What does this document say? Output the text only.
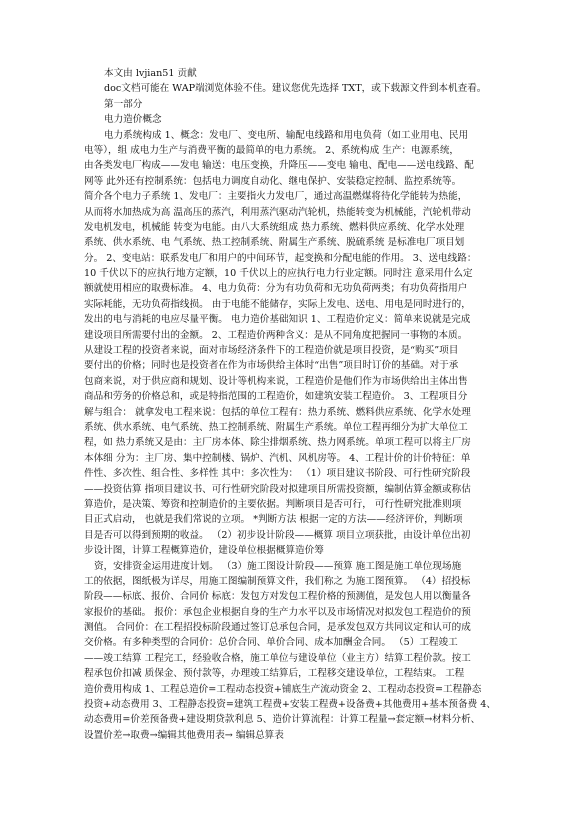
本文由 lvjian51 贡献
doc文档可能在 WAP端浏览体验不佳。建议您优先选择 TXT，或下载源文件到本机查看。
第一部分
电力造价概念
电力系统构成 1、概念：发电厂、变电所、输配电线路和用电负荷（如工业用电、民用
电等），组 成电力生产与消费平衡的最简单的电力系统。 2、系统构成 生产：电源系统，
由各类发电厂构成——发电 输送：电压变换，升降压——变电 输电、配电——送电线路、配
网等 此外还有控制系统：包括电力调度自动化、继电保护、安装稳定控制、监控系统等。
简介各个电力子系统 1、发电厂：主要指火力发电厂，通过高温燃煤将待化学能转为热能，
从而将水加热成为高 温高压的蒸汽，利用蒸汽驱动汽轮机，热能转变为机械能，汽轮机带动
发电机发电，机械能 转变为电能。由八大系统组成 热力系统、燃料供应系统、化学水处理
系统、供水系统、电 气系统、热工控制系统、附属生产系统、脱硫系统 是标准电厂项目划
分。 2、变电站：联系发电厂和用户的中间环节，起变换和分配电能的作用。 3、送电线路：
10 千伏以下的应执行地方定额，10 千伏以上的应执行电力行业定额。同时注 意采用什么定
额就使用相应的取费标准。 4、电力负荷：分为有功负荷和无功负荷两类；有功负荷指用户
实际耗能，无功负荷指线损。 由于电能不能储存，实际上发电、送电、用电是同时进行的，
发出的电与消耗的电应尽量平衡。 电力造价基础知识 1、工程造价定义：简单来说就是完成
建设项目所需要付出的金额。 2、工程造价两种含义：是从不同角度把握同一事物的本质。
从建设工程的投资者来说，面对市场经济条件下的工程造价就是项目投资，是“购买”项目
要付出的价格；同时也是投资者在作为市场供给主体时“出售”项目时订价的基础。对于承
包商来说，对于供应商和规划、设计等机构来说，工程造价是他们作为市场供给出主体出售
商品和劳务的价格总和，或是特指范围的工程造价，如建筑安装工程造价。 3、工程项目分
解与组合： 就拿发电工程来说：包括的单位工程有：热力系统、燃料供应系统、化学水处理
系统、供水系统、电气系统、热工控制系统、附属生产系统。单位工程再细分为扩大单位工
程，如 热力系统又是由：主厂房本体、除尘排烟系统、热力网系统。单项工程可以将主厂房
本体细 分为：主厂房、集中控制楼、锅炉、汽机、风机房等。 4、工程计价的计价特征：单
件性、多次性、组合性、多样性 其中：多次性为： （1）项目建议书阶段、可行性研究阶段
——投资估算 指项目建议书、可行性研究阶段对拟建项目所需投资额，编制估算金额或称估
算造价，是决策、筹资和控制造价的主要依据。判断项目是否可行， 可行性研究批准则项
目正式启动， 也就是我们常说的立项。 *判断方法 根据一定的方法——经济评价，判断项
目是否可以得到预期的收益。 （2）初步设计阶段——概算 项目立项获批，由设计单位出初
步设计图，计算工程概算造价，建设单位根据概算造价筹
资，安排资金运用进度计划。 （3）施工图设计阶段——预算 施工图是施工单位现场施
工的依据，图纸极为详尽，用施工图编制预算文件，我们称之 为施工图预算。 （4）招投标
阶段——标底、报价、合同价 标底：发包方对发包工程价格的预测值，是发包人用以衡量各
家报价的基础。 报价：承包企业根据自身的生产力水平以及市场情况对拟发包工程造价的预
测值。 合同价：在工程招投标阶段通过签订总承包合同，是承发包双方共同议定和认可的成
交价格。有多种类型的合同价：总价合同、单价合同、成本加酬金合同。 （5）工程竣工
——竣工结算 工程完工，经验收合格，施工单位与建设单位（业主方）结算工程价款。按工
程承包价扣减 质保金、预付款等，办理竣工结算后，工程移交建设单位，工程结束。 工程
造价费用构成 1、工程总造价=工程动态投资+铺底生产流动资金 2、工程动态投资=工程静态
投资+动态费用 3、工程静态投资=建筑工程费+安装工程费+设备费+其他费用+基本预备费 4、
动态费用=价差预备费+建设期贷款利息 5、造价计算流程：计算工程量→套定额→材料分析、
设置价差→取费→编辑其他费用表→ 编辑总算表
